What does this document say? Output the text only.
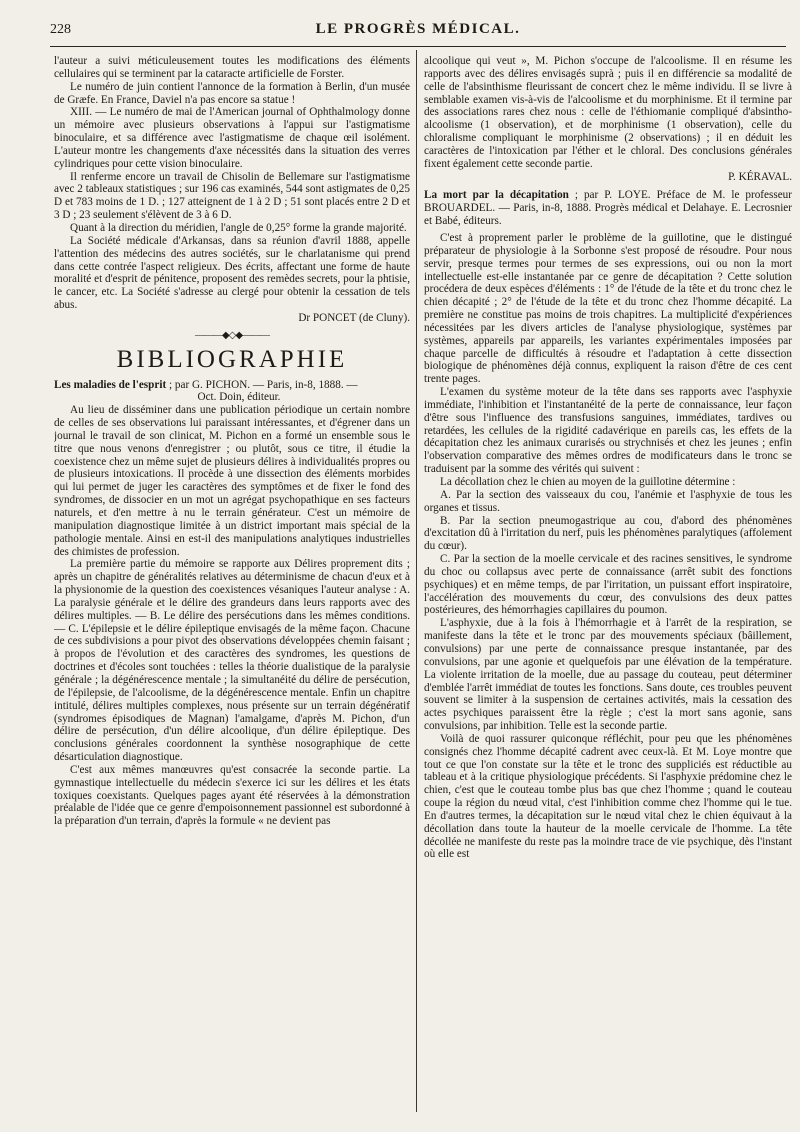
228	LE PROGRÈS MÉDICAL.

l'auteur a suivi méticuleusement toutes les modifications des éléments cellulaires qui se terminent par la cataracte artificielle de Forster.

Le numéro de juin contient l'annonce de la formation à Berlin, d'un musée de Græfe. En France, Daviel n'a pas encore sa statue !

XIII. — Le numéro de mai de l'American journal of Ophthalmology donne un mémoire avec plusieurs observations à l'appui sur l'astigmatisme binoculaire, et sa différence avec l'astigmatisme de chaque œil isolément. L'auteur montre les changements d'axe nécessités dans la situation des verres cylindriques pour cette vision binoculaire.

Il renferme encore un travail de Chisolin de Bellemare sur l'astigmatisme avec 2 tableaux statistiques ; sur 196 cas examinés, 544 sont astigmates de 0,25 D et 783 moins de 1 D. ; 127 atteignent de 1 à 2 D ; 51 sont placés entre 2 D et 3 D ; 23 seulement s'élèvent de 3 à 6 D.

Quant à la direction du méridien, l'angle de 0,25° forme la grande majorité.

La Société médicale d'Arkansas, dans sa réunion d'avril 1888, appelle l'attention des médecins des autres sociétés, sur le charlatanisme qui prend dans cette contrée l'aspect religieux. Des écrits, affectant une forme de haute moralité et d'esprit de pénitence, proposent des remèdes secrets, pour la phtisie, le cancer, etc. La Société s'adresse au clergé pour obtenir la cessation de tels abus.

Dr PONCET (de Cluny).

———◆◇◆———
BIBLIOGRAPHIE

Les maladies de l'esprit ; par G. PICHON. — Paris, in-8, 1888. —

Oct. Doin, éditeur.

Au lieu de disséminer dans une publication périodique un certain nombre de celles de ses observations lui paraissant intéressantes, et d'égrener dans un journal le travail de son clinicat, M. Pichon en a formé un ensemble sous le titre que nous venons d'enregistrer ; ou plutôt, sous ce titre, il étudie la coexistence chez un même sujet de plusieurs délires à individualités propres ou de plusieurs intoxications. Il procède à une dissection des éléments morbides qui lui permet de juger les caractères des symptômes et de fixer le fond des syndromes, de dissocier en un mot un agrégat psychopathique en ses facteurs naturels, et d'en mettre à nu le terrain générateur. C'est un mémoire de manipulation diagnostique limitée à un district important mais spécial de la pathologie mentale. Ainsi en est-il des manipulations analytiques industrielles des chimistes de profession.

La première partie du mémoire se rapporte aux Délires proprement dits ; après un chapitre de généralités relatives au déterminisme de chacun d'eux et à la physionomie de la question des coexistences vésaniques l'auteur analyse : A. La paralysie générale et le délire des grandeurs dans leurs rapports avec des délires multiples. — B. Le délire des persécutions dans les mêmes conditions. — C. L'épilepsie et le délire épileptique envisagés de la même façon. Chacune de ces subdivisions a pour pivot des observations développées chemin faisant ; à propos de l'évolution et des caractères des syndromes, les questions de doctrines et d'écoles sont touchées : telles la théorie dualistique de la paralysie générale ; la dégénérescence mentale ; la simultanéité du délire de persécution, de l'épilepsie, de l'alcoolisme, de la dégénérescence mentale. Enfin un chapitre intitulé, délires multiples complexes, nous présente sur un terrain dégénératif (syndromes épisodiques de Magnan) l'amalgame, d'après M. Pichon, d'un délire de persécution, d'un délire alcoolique, d'un délire épileptique. Des conclusions générales coordonnent la synthèse nosographique de cette désarticulation diagnostique.

C'est aux mêmes manœuvres qu'est consacrée la seconde partie. La gymnastique intellectuelle du médecin s'exerce ici sur les délires et les états toxiques coexistants. Quelques pages ayant été réservées à la démonstration préalable de l'idée que ce genre d'empoisonnement passionnel est subordonné à la préparation d'un terrain, d'après la formule « ne devient pas

alcoolique qui veut », M. Pichon s'occupe de l'alcoolisme. Il en résume les rapports avec des délires envisagés suprà ; puis il en différencie sa modalité de celle de l'absinthisme fleurissant de concert chez le même individu. Il se livre à semblable examen vis-à-vis de l'alcoolisme et du morphinisme. Et il termine par des associations rares chez nous : celle de l'éthiomanie compliqué d'absintho-alcoolisme (1 observation), et de morphinisme (1 observation), celle du chloralisme compliquant le morphinisme (2 observations) ; il en déduit les caractères de l'intoxication par l'éther et le chloral. Des conclusions générales fixent également cette seconde partie.

P. KÉRAVAL.

La mort par la décapitation ; par P. LOYE. Préface de M. le professeur BROUARDEL. — Paris, in-8, 1888. Progrès médical et Delahaye. E. Lecrosnier et Babé, éditeurs.

C'est à proprement parler le problème de la guillotine, que le distingué préparateur de physiologie à la Sorbonne s'est proposé de résoudre. Pour nous servir, presque termes pour termes de ses expressions, oui ou non la mort intellectuelle est-elle instantanée par ce genre de décapitation ? Cette solution procédera de deux espèces d'éléments : 1° de l'étude de la tête et du tronc chez le chien décapité ; 2° de l'étude de la tête et du tronc chez l'homme décapité. La première ne constitue pas moins de trois chapitres. La multiplicité d'expériences nécessitées par les divers articles de l'analyse physiologique, systèmes par systèmes, appareils par appareils, les variantes expérimentales imposées par chaque parcelle de difficultés à résoudre et l'adaptation à cette dissection biologique de phénomènes déjà connus, expliquent la raison d'être de ces cent trente pages.

L'examen du système moteur de la tête dans ses rapports avec l'asphyxie immédiate, l'inhibition et l'instantanéité de la perte de connaissance, leur façon d'être sous l'influence des transfusions sanguines, immédiates, tardives ou retardées, les cellules de la rigidité cadavérique en pareils cas, les effets de la décapitation chez les animaux curarisés ou strychnisés et chez les jeunes ; enfin l'observation comparative des mêmes ordres de modificateurs dans le tronc se traduisent par la somme des vérités qui suivent :

La décollation chez le chien au moyen de la guillotine détermine :

A. Par la section des vaisseaux du cou, l'anémie et l'asphyxie de tous les organes et tissus.

B. Par la section pneumogastrique au cou, d'abord des phénomènes d'excitation dû à l'irritation du nerf, puis les phénomènes paralytiques (affolement du cœur).

C. Par la section de la moelle cervicale et des racines sensitives, le syndrome du choc ou collapsus avec perte de connaissance (arrêt subit des fonctions psychiques) et en même temps, de par l'irritation, un puissant effort inspiratoire, l'accélération des mouvements du cœur, des convulsions des deux pattes postérieures, des hémorrhagies capillaires du poumon.

L'asphyxie, due à la fois à l'hémorrhagie et à l'arrêt de la respiration, se manifeste dans la tête et le tronc par des mouvements spéciaux (bâillement, convulsions) par une perte de connaissance presque instantanée, par des convulsions, par une agonie et quelquefois par une élévation de la température. La violente irritation de la moelle, due au passage du couteau, peut déterminer d'emblée l'arrêt immédiat de toutes les fonctions. Sans doute, ces troubles peuvent souvent se limiter à la suspension de certaines activités, mais la cessation des actes psychiques paraissent être la règle ; c'est la mort sans agonie, sans convulsions, par inhibition. Telle est la seconde partie.

Voilà de quoi rassurer quiconque réfléchit, pour peu que les phénomènes consignés chez l'homme décapité cadrent avec ceux-là. Et M. Loye montre que tout ce que l'on constate sur la tête et le tronc des suppliciés est réductible au tableau et à la critique physiologique précédents. Si l'asphyxie prédomine chez le chien, c'est que le couteau tombe plus bas que chez l'homme ; quand le couteau coupe la région du nœud vital, c'est l'inhibition comme chez l'homme qui le tue. En d'autres termes, la décapitation sur le nœud vital chez le chien équivaut à la décollation dans toute la hauteur de la moelle cervicale de l'homme. La tête décollée ne manifeste du reste pas la moindre trace de vie psychique, dès l'instant où elle est
